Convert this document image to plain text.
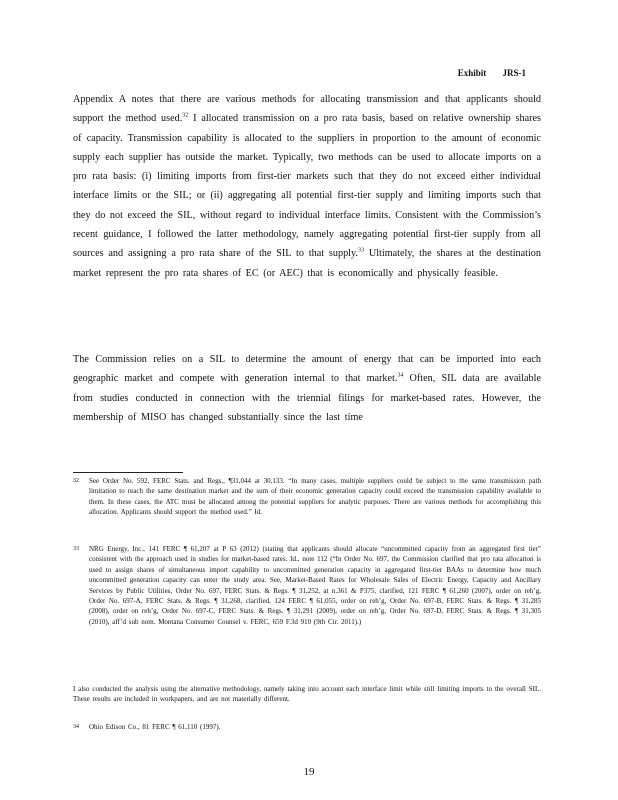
Exhibit JRS-1
Appendix A notes that there are various methods for allocating transmission and that applicants should support the method used.$^{32}$ I allocated transmission on a pro rata basis, based on relative ownership shares of capacity. Transmission capability is allocated to the suppliers in proportion to the amount of economic supply each supplier has outside the market. Typically, two methods can be used to allocate imports on a pro rata basis: (i) limiting imports from first-tier markets such that they do not exceed either individual interface limits or the SIL; or (ii) aggregating all potential first-tier supply and limiting imports such that they do not exceed the SIL, without regard to individual interface limits. Consistent with the Commission’s recent guidance, I followed the latter methodology, namely aggregating potential first-tier supply from all sources and assigning a pro rata share of the SIL to that supply.$^{33}$ Ultimately, the shares at the destination market represent the pro rata shares of EC (or AEC) that is economically and physically feasible.
The Commission relies on a SIL to determine the amount of energy that can be imported into each geographic market and compete with generation internal to that market.$^{34}$ Often, SIL data are available from studies conducted in connection with the triennial filings for market-based rates. However, the membership of MISO has changed substantially since the last time
32 See Order No. 592, FERC Stats. and Regs., ¶31,044 at 30,133. “In many cases, multiple suppliers could be subject to the same transmission path limitation to reach the same destination market and the sum of their economic generation capacity could exceed the transmission capability available to them. In these cases, the ATC must be allocated among the potential suppliers for analytic purposes. There are various methods for accomplishing this allocation. Applicants should support the method used.” Id.
33 NRG Energy, Inc., 141 FERC ¶ 61,207 at P 63 (2012) (stating that applicants should allocate “uncommitted capacity from an aggregated first tier” consistent with the approach used in studies for market-based rates. Id., note 112 (“In Order No. 697, the Commission clarified that pro rata allocation is used to assign shares of simultaneous import capability to uncommitted generation capacity in aggregated first-tier BAAs to determine how much uncommitted generation capacity can enter the study area. See, Market-Based Rates for Wholesale Sales of Electric Energy, Capacity and Ancillary Services by Public Utilities, Order No. 697, FERC Stats. & Regs. ¶ 31,252, at n.361 & P375, clarified, 121 FERC ¶ 61,260 (2007), order on reh’g, Order No. 697-A, FERC Stats. & Regs. ¶ 31,268, clarified, 124 FERC ¶ 61,055, order on reh’g, Order No. 697-B, FERC Stats. & Regs. ¶ 31,285 (2008), order on reh’g, Order No. 697-C, FERC Stats. & Regs. ¶ 31,291 (2009), order on reh’g, Order No. 697-D, FERC Stats. & Regs. ¶ 31,305 (2010), aff’d sub nom. Montana Consumer Counsel v. FERC, 659 F.3d 910 (9th Cir. 2011).)
I also conducted the analysis using the alternative methodology, namely taking into account each interface limit while still limiting imports to the overall SIL. These results are included in workpapers, and are not materially different.
34 Ohio Edison Co., 81 FERC ¶ 61,110 (1997).
19
